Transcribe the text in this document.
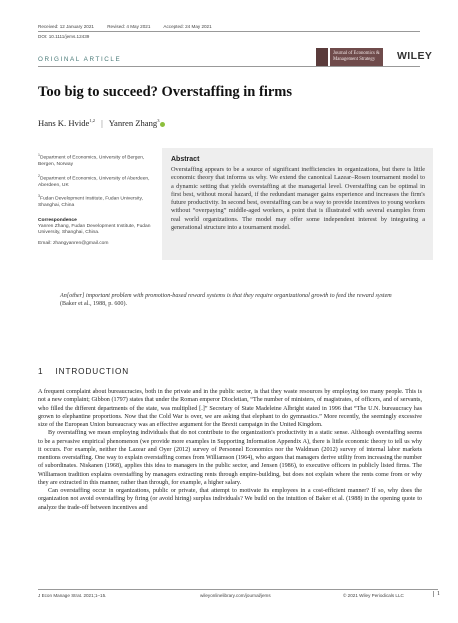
Received: 12 January 2021	Revised: 4 May 2021	Accepted: 24 May 2021
DOI: 10.1111/jems.12439
ORIGINAL ARTICLE
Journal of Economics &
Management Strategy	WILEY
Too big to succeed? Overstaffing in firms
Hans K. Hvide$^{1,2}$ | Yanren Zhang$^3$

$^1$Department of Economics, University of Bergen, Bergen, Norway

$^2$Department of Economics, University of Aberdeen, Aberdeen, UK

$^3$Fudan Development Institute, Fudan University, Shanghai, China

Correspondence

Yanren Zhang, Fudan Development Institute, Fudan University, Shanghai, China.

Email: zhangyanren@gmail.com

Abstract
Overstaffing appears to be a source of significant inefficiencies in organizations, but there is little economic theory that informs us why. We extend the canonical Lazear–Rosen tournament model to a dynamic setting that yields overstaffing at the managerial level. Overstaffing can be optimal in first best, without moral hazard, if the redundant manager gains experience and increases the firm's future productivity. In second best, overstaffing can be a way to provide incentives to young workers without “overpaying” middle-aged workers, a point that is illustrated with several examples from real world organizations. The model may offer some independent interest by integrating a generational structure into a tournament model.
An[other] important problem with promotion-based reward systems is that they require organizational growth to feed the reward system (Baker et al., 1988, p. 600).
1 INTRODUCTION

A frequent complaint about bureaucracies, both in the private and in the public sector, is that they waste resources by employing too many people. This is not a new complaint; Gibbon (1797) states that under the Roman emperor Diocletian, “The number of ministers, of magistrates, of officers, and of servants, who filled the different departments of the state, was multiplied [.]” Secretary of State Madeleine Albright stated in 1996 that “The U.N. bureaucracy has grown to elephantine proportions. Now that the Cold War is over, we are asking that elephant to do gymnastics.” More recently, the seemingly excessive size of the European Union bureaucracy was an effective argument for the Brexit campaign in the United Kingdom.

By overstaffing we mean employing individuals that do not contribute to the organization's productivity in a static sense. Although overstaffing seems to be a pervasive empirical phenomenon (we provide more examples in Supporting Information Appendix A), there is little economic theory to tell us why it occurs. For example, neither the Lazear and Oyer (2012) survey of Personnel Economics nor the Waldman (2012) survey of internal labor markets mentions overstaffing. One way to explain overstaffing comes from Williamson (1964), who argues that managers derive utility from increasing the number of subordinates. Niskanen (1968), applies this idea to managers in the public sector, and Jensen (1986), to executive officers in publicly listed firms. The Williamson tradition explains overstaffing by managers extracting rents through empire-building, but does not explain where the rents come from or why they are extracted in this manner, rather than through, for example, a higher salary.

Can overstaffing occur in organizations, public or private, that attempt to motivate its employees in a cost-efficient manner? If so, why does the organization not avoid overstaffing by firing (or avoid hiring) surplus individuals? We build on the intuition of Baker et al. (1988) in the opening quote to analyze the trade-off between incentives and

J Econ Manage Strat. 2021;1–15.	wileyonlinelibrary.com/journal/jems	© 2021 Wiley Periodicals LLC	1
